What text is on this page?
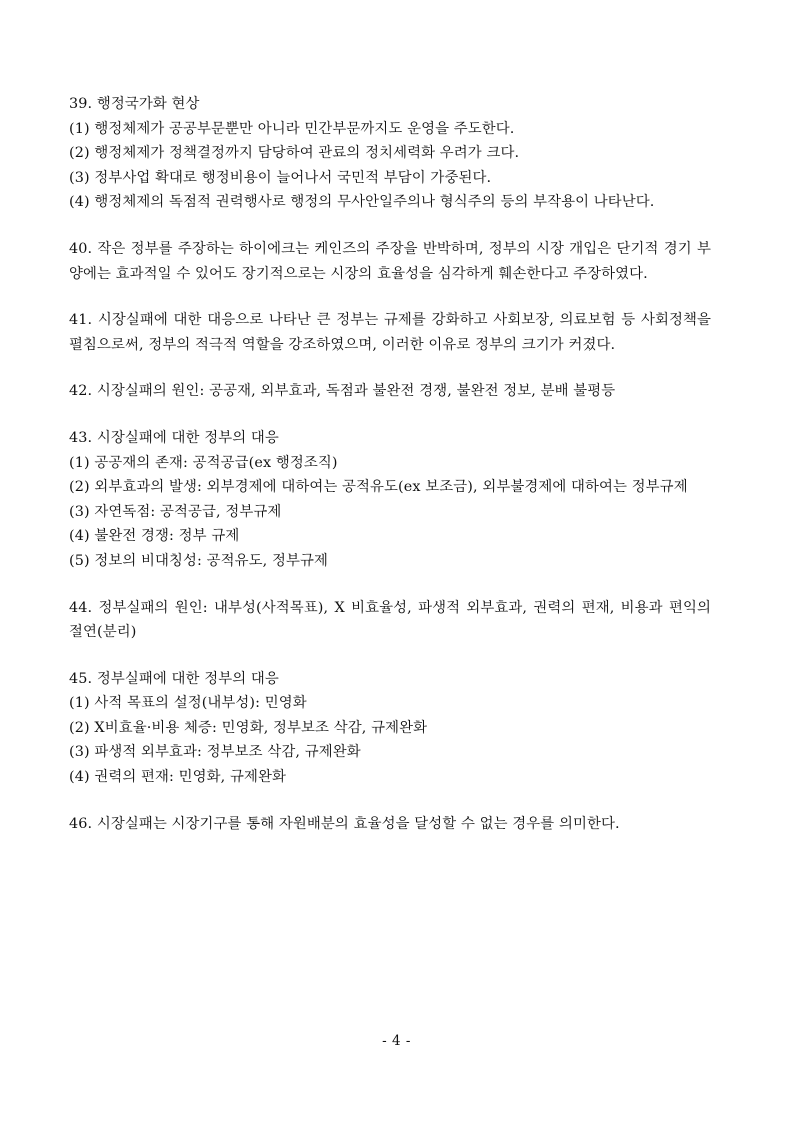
39. 행정국가화 현상
(1) 행정체제가 공공부문뿐만 아니라 민간부문까지도 운영을 주도한다.
(2) 행정체제가 정책결정까지 담당하여 관료의 정치세력화 우려가 크다.
(3) 정부사업 확대로 행정비용이 늘어나서 국민적 부담이 가중된다.
(4) 행정체제의 독점적 권력행사로 행정의 무사안일주의나 형식주의 등의 부작용이 나타난다.
40. 작은 정부를 주장하는 하이에크는 케인즈의 주장을 반박하며, 정부의 시장 개입은 단기적 경기 부양에는 효과적일 수 있어도 장기적으로는 시장의 효율성을 심각하게 훼손한다고 주장하였다.
41. 시장실패에 대한 대응으로 나타난 큰 정부는 규제를 강화하고 사회보장, 의료보험 등 사회정책을 펼침으로써, 정부의 적극적 역할을 강조하였으며, 이러한 이유로 정부의 크기가 커졌다.
42. 시장실패의 원인: 공공재, 외부효과, 독점과 불완전 경쟁, 불완전 정보, 분배 불평등
43. 시장실패에 대한 정부의 대응
(1) 공공재의 존재: 공적공급(ex 행정조직)
(2) 외부효과의 발생: 외부경제에 대하여는 공적유도(ex 보조금), 외부불경제에 대하여는 정부규제
(3) 자연독점: 공적공급, 정부규제
(4) 불완전 경쟁: 정부 규제
(5) 정보의 비대칭성: 공적유도, 정부규제
44. 정부실패의 원인: 내부성(사적목표), X 비효율성, 파생적 외부효과, 권력의 편재, 비용과 편익의 절연(분리)
45. 정부실패에 대한 정부의 대응
(1) 사적 목표의 설정(내부성): 민영화
(2) X비효율·비용 체증: 민영화, 정부보조 삭감, 규제완화
(3) 파생적 외부효과: 정부보조 삭감, 규제완화
(4) 권력의 편재: 민영화, 규제완화
46. 시장실패는 시장기구를 통해 자원배분의 효율성을 달성할 수 없는 경우를 의미한다.
- 4 -
